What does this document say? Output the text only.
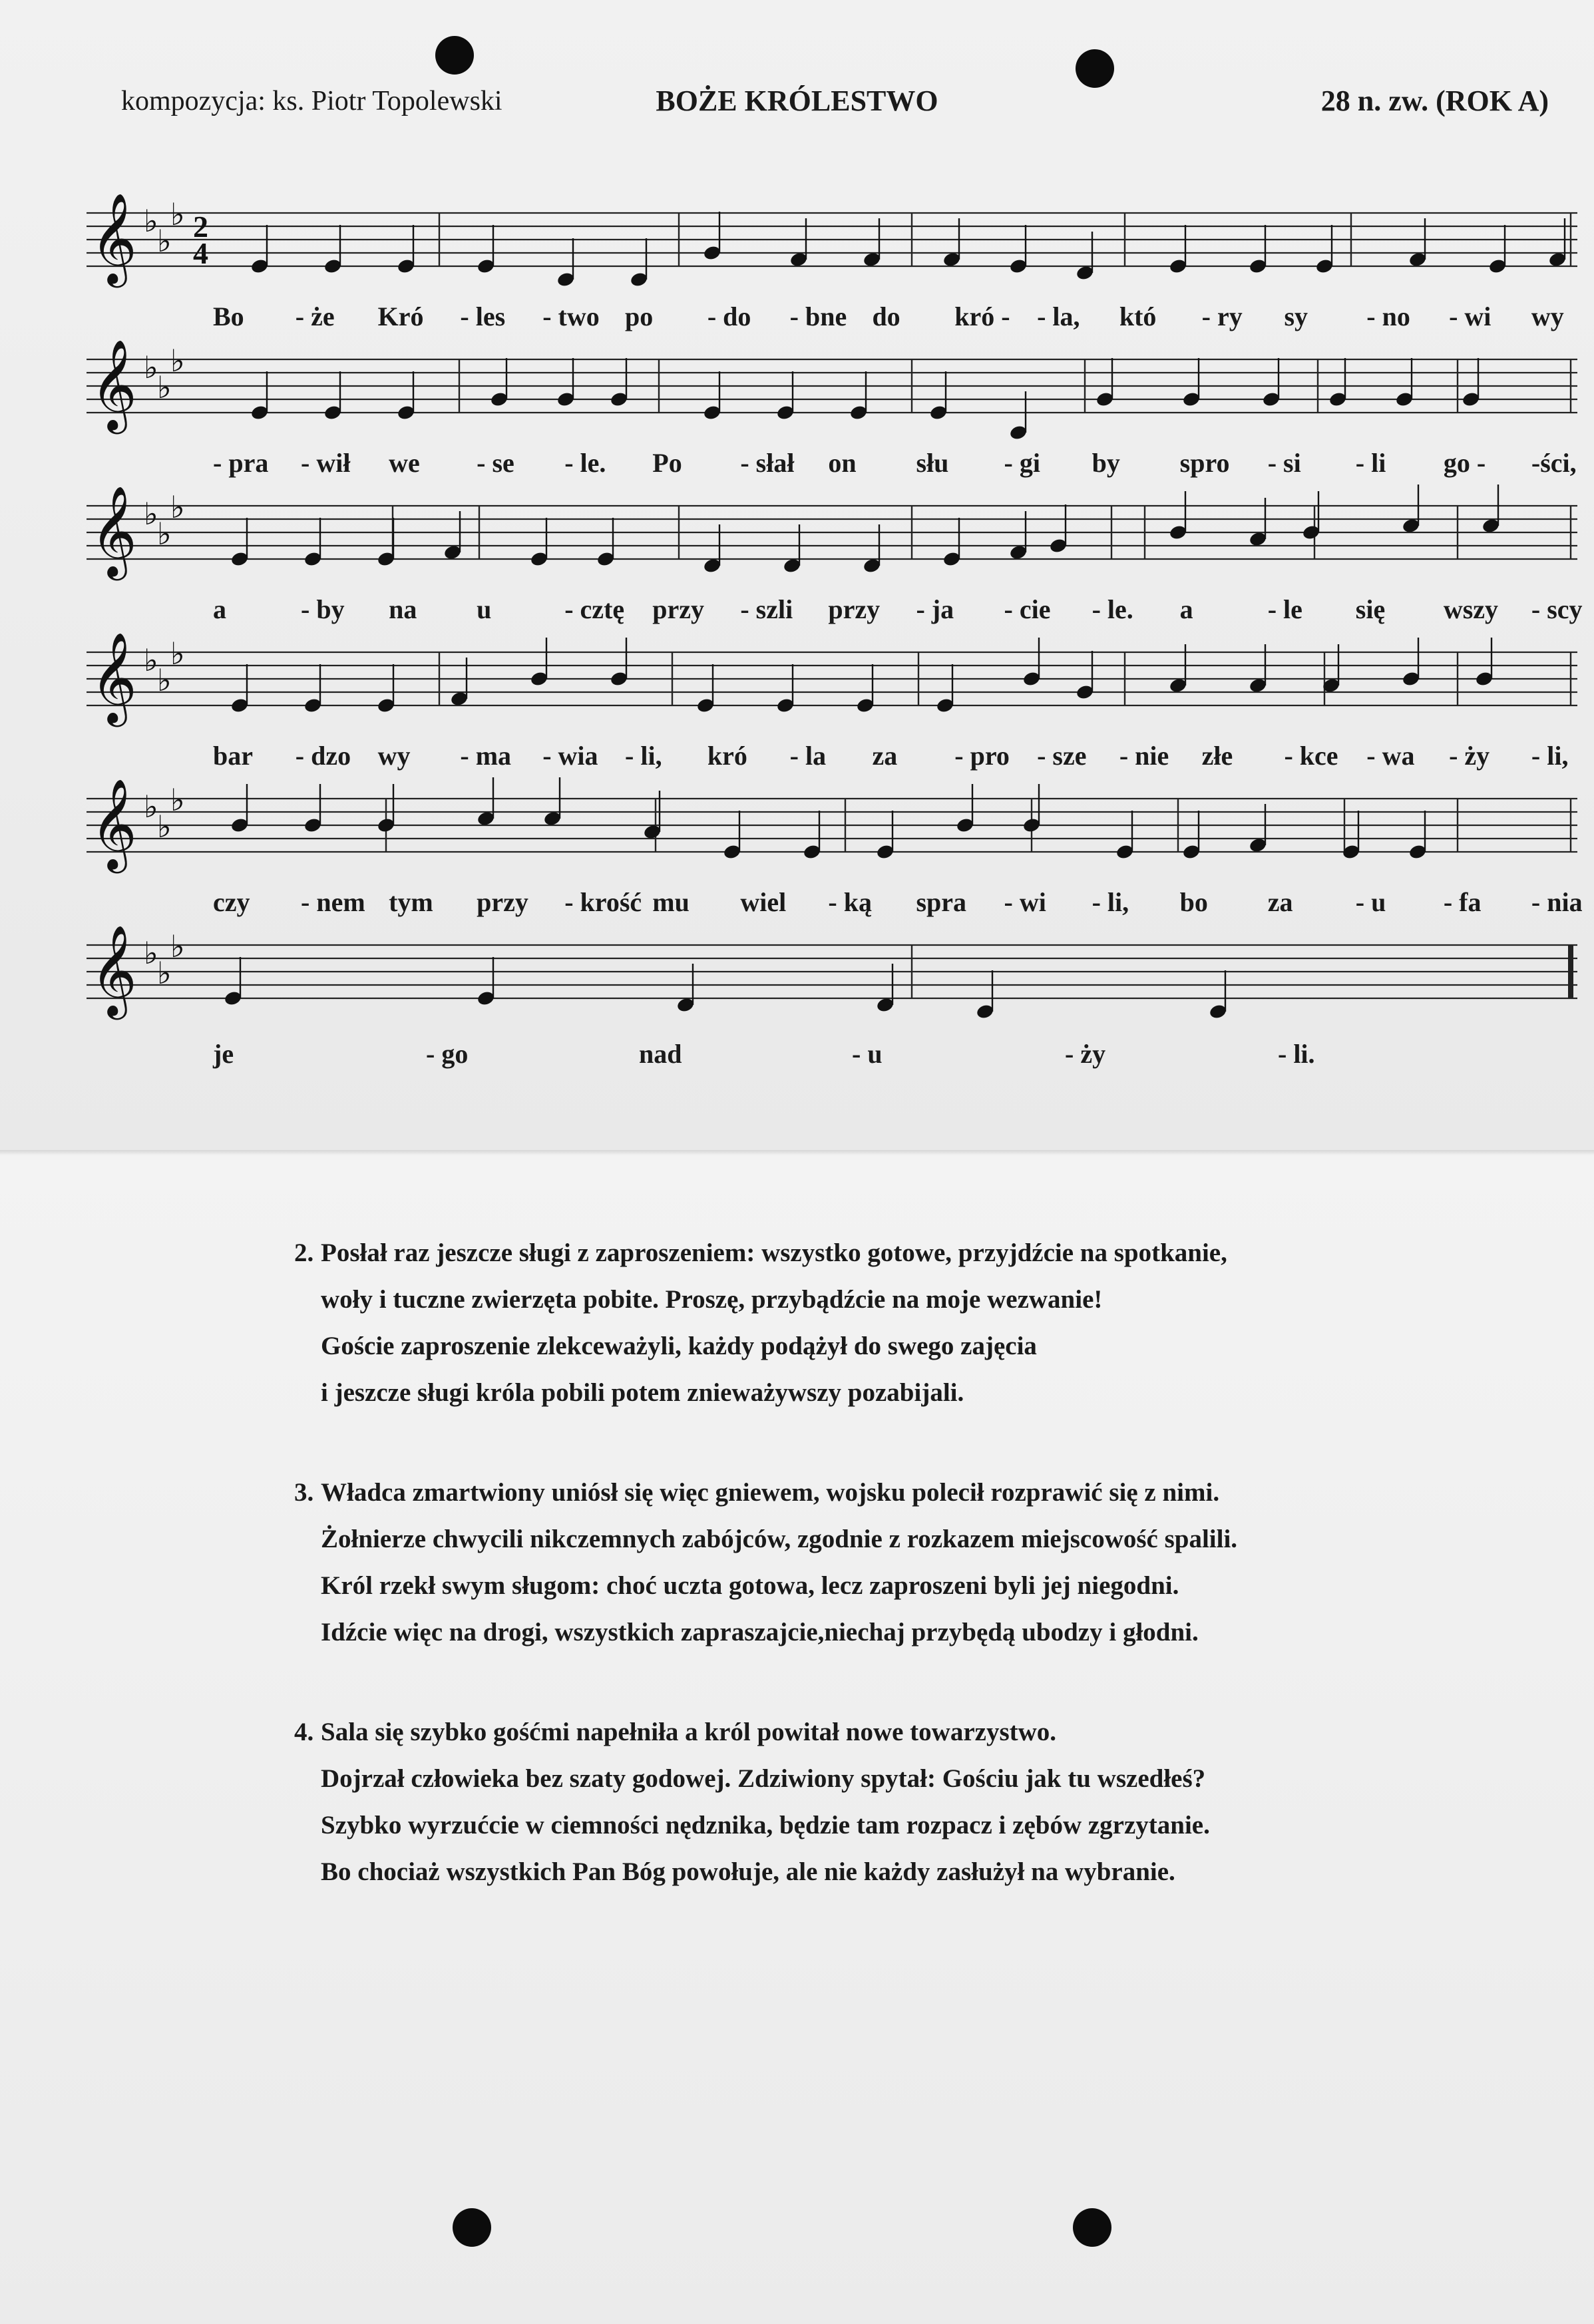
kompozycja: ks. Piotr Topolewski	BOŻE KRÓLESTWO	28 n. zw. (ROK A)
𝄞 ♭
♭
♭ 2
4
𝄞 ♭
♭
♭
𝄞 ♭
♭
♭
𝄞 ♭
♭
♭
𝄞 ♭
♭
♭
𝄞 ♭
♭
♭

2. Posłał raz jeszcze sługi z zaproszeniem: wszystko gotowe, przyjdźcie na spotkanie,

woły i tuczne zwierzęta pobite. Proszę, przybądźcie na moje wezwanie!

Goście zaproszenie zlekceważyli, każdy podążył do swego zajęcia

i jeszcze sługi króla pobili potem znieważywszy pozabijali.

3. Władca zmartwiony uniósł się więc gniewem, wojsku polecił rozprawić się z nimi.

Żołnierze chwycili nikczemnych zabójców, zgodnie z rozkazem miejscowość spalili.

Król rzekł swym sługom: choć uczta gotowa, lecz zaproszeni byli jej niegodni.

Idźcie więc na drogi, wszystkich zapraszajcie,niechaj przybędą ubodzy i głodni.

4. Sala się szybko gośćmi napełniła a król powitał nowe towarzystwo.

Dojrzał człowieka bez szaty godowej. Zdziwiony spytał: Gościu jak tu wszedłeś?

Szybko wyrzućcie w ciemności nędznika, będzie tam rozpacz i zębów zgrzytanie.

Bo chociaż wszystkich Pan Bóg powołuje, ale nie każdy zasłużył na wybranie.

Bo - że Kró - les - two po - do - bne do kró - - la, któ - ry sy - no - wi wy
- pra - wił we - se - le. Po - słał on słu - gi by spro - si - li go - -ści,
a	- by na u	- cztę przy - szli przy - ja - cie - le. a	- le się wszy - scy
bar - dzo wy - ma - wia - li, kró - la za - pro - sze - nie złe - kce - wa - ży - li,
czy - nem tym przy - krość mu wiel - ką spra - wi - li, bo za - u - fa - nia
je	- go	nad	- u	- ży	- li.
